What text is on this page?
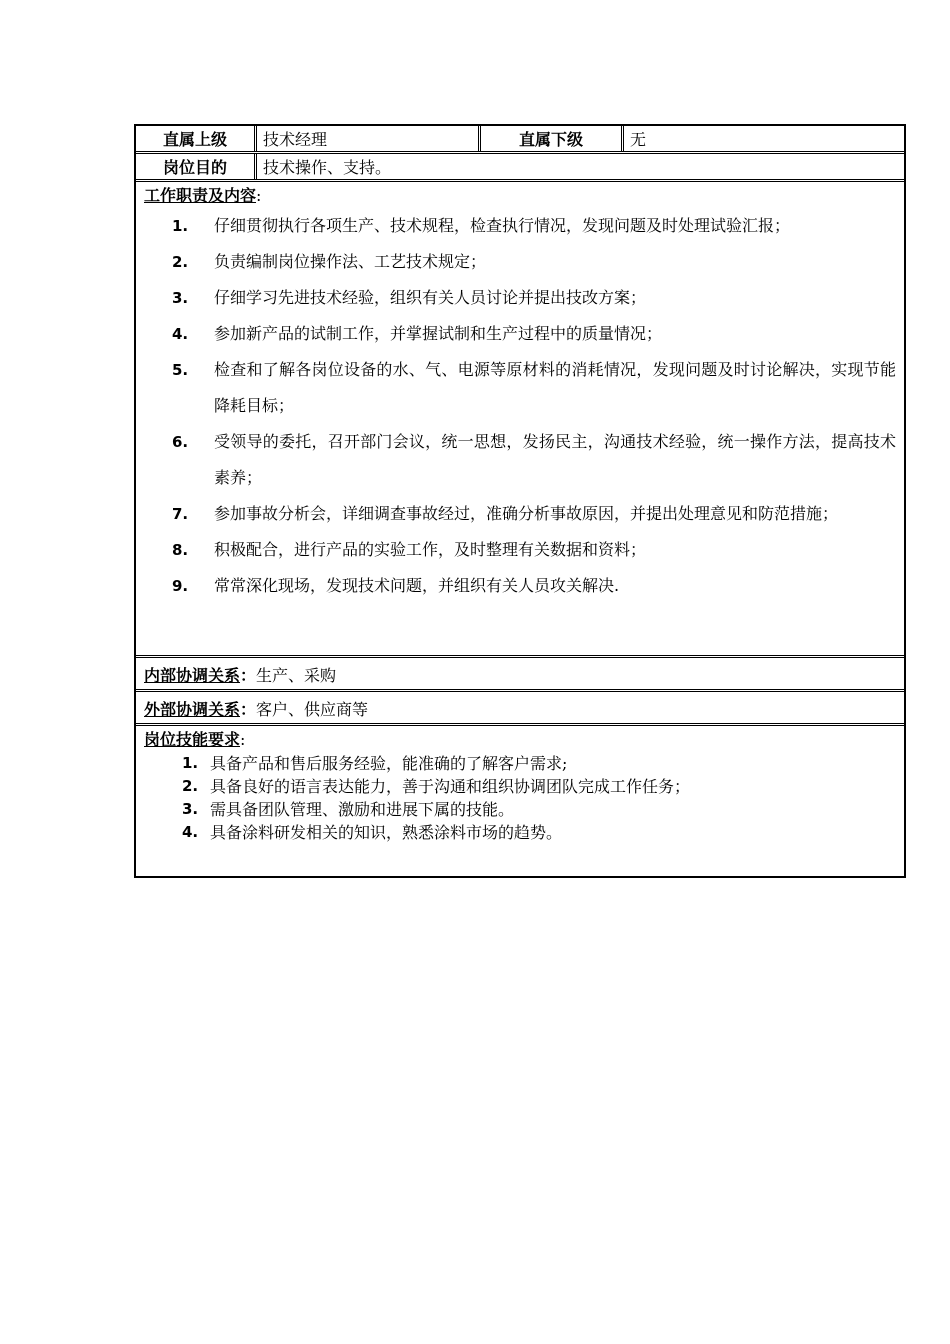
直属上级	技术经理	直属下级	无
岗位目的	技术操作、支持。
工作职责及内容:
1.	仔细贯彻执行各项生产、技术规程，检查执行情况，发现问题及时处理试验汇报；
2.	负责编制岗位操作法、工艺技术规定；
3.	仔细学习先进技术经验，组织有关人员讨论并提出技改方案；
4.	参加新产品的试制工作，并掌握试制和生产过程中的质量情况；
5.	检查和了解各岗位设备的水、气、电源等原材料的消耗情况，发现问题及时讨论解决，实现节能降耗目标；
6.	受领导的委托，召开部门会议，统一思想，发扬民主，沟通技术经验，统一操作方法，提高技术素养；
7.	参加事故分析会，详细调查事故经过，准确分析事故原因，并提出处理意见和防范措施；
8.	积极配合，进行产品的实验工作，及时整理有关数据和资料；
9.	常常深化现场，发现技术问题，并组织有关人员攻关解决.
内部协调关系：生产、采购
外部协调关系：客户、供应商等
岗位技能要求:
1. 具备产品和售后服务经验，能准确的了解客户需求;
2. 具备良好的语言表达能力，善于沟通和组织协调团队完成工作任务；
3. 需具备团队管理、激励和进展下属的技能。
4. 具备涂料研发相关的知识，熟悉涂料市场的趋势。
